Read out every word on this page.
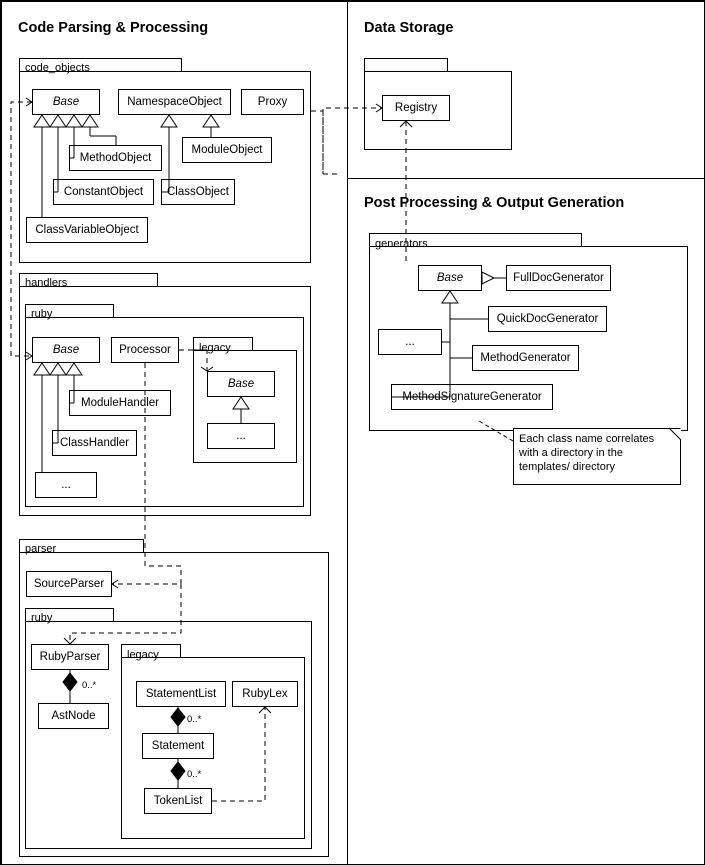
Code Parsing & Processing	Data Storage
Post Processing & Output Generation
code_objects
Base	NamespaceObject	Proxy
MethodObject
ModuleObject
ConstantObject	ClassObject
ClassVariableObject
handlers
ruby
Base	Processor	legacy
Base
...
ModuleHandler
ClassHandler
...
parser
SourceParser
ruby
RubyParser
AstNode
legacy
StatementList	RubyLex
Statement
TokenList
0..*
0..*
0..*
Registry
generators
Base	FullDocGenerator
QuickDocGenerator
MethodGenerator
...
MethodSignatureGenerator
Each class name correlates with a directory in the templates/ directory
